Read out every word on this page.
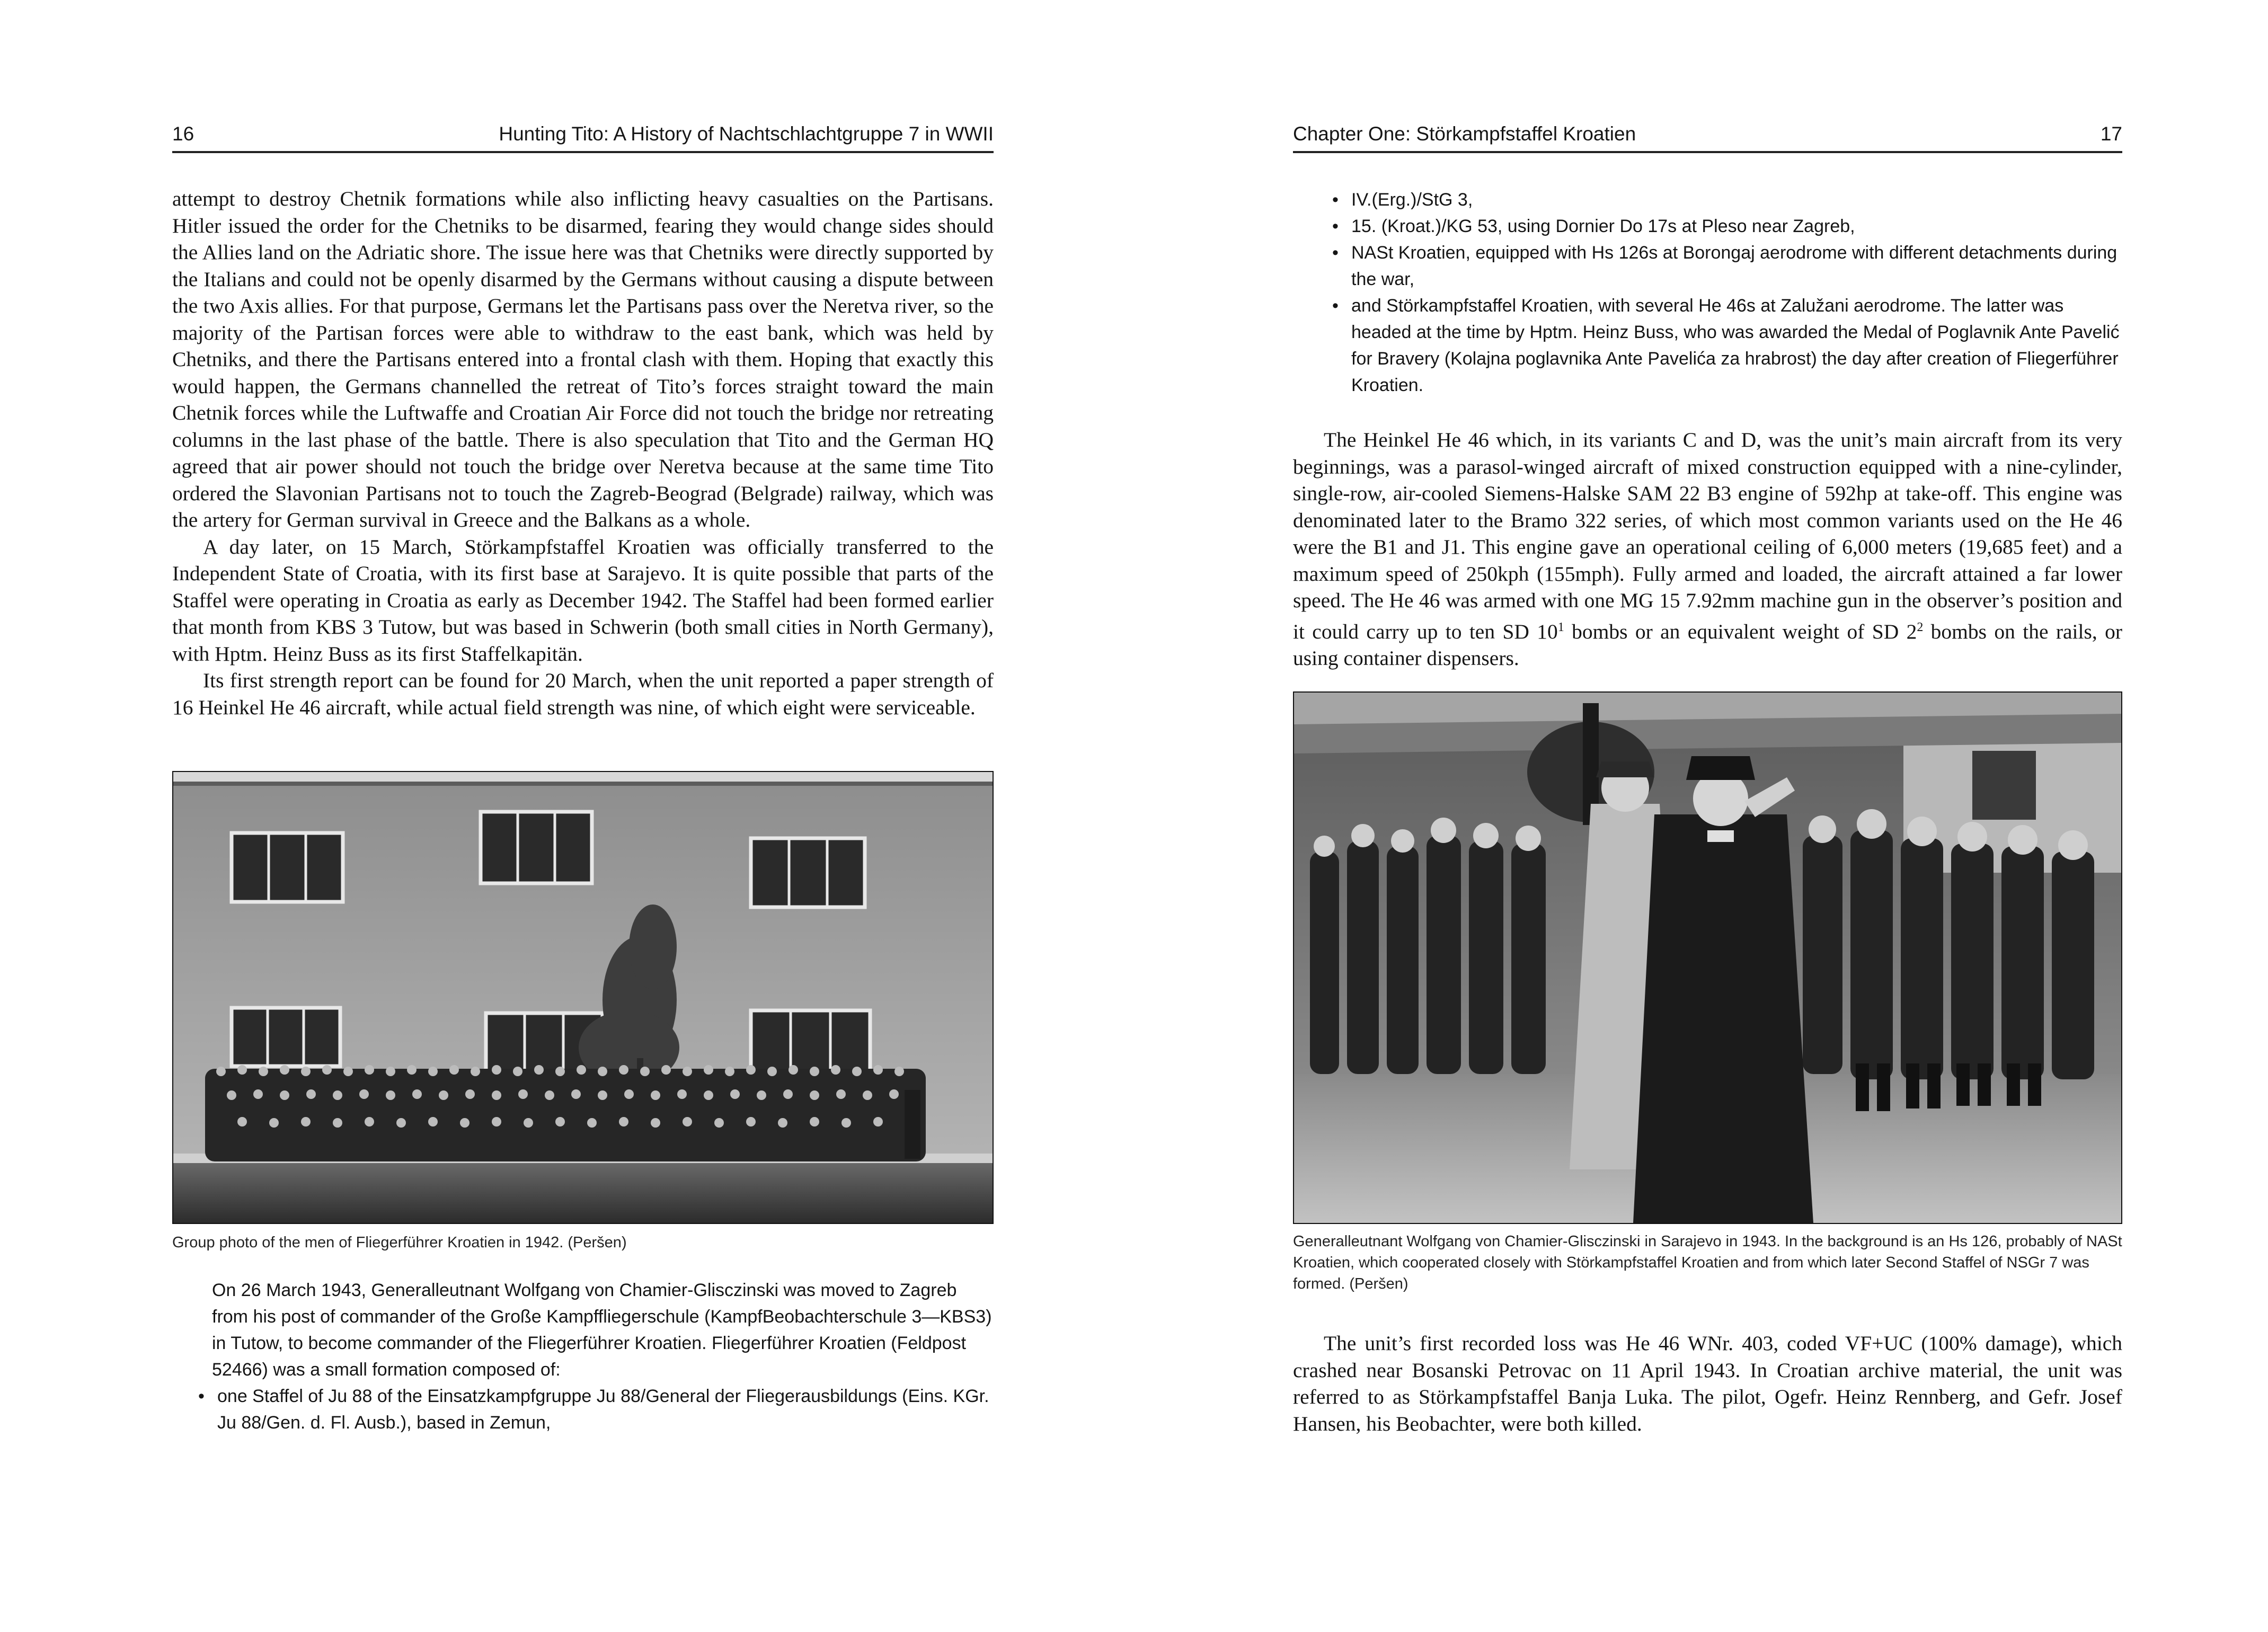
16	Hunting Tito: A History of Nachtschlachtgruppe 7 in WWII

attempt to destroy Chetnik formations while also inflicting heavy casualties on the Partisans. Hitler issued the order for the Chetniks to be disarmed, fearing they would change sides should the Allies land on the Adriatic shore. The issue here was that Chetniks were directly supported by the Italians and could not be openly disarmed by the Germans without causing a dispute between the two Axis allies. For that purpose, Germans let the Partisans pass over the Neretva river, so the majority of the Partisan forces were able to withdraw to the east bank, which was held by Chetniks, and there the Partisans entered into a frontal clash with them. Hoping that exactly this would happen, the Germans channelled the retreat of Tito’s forces straight toward the main Chetnik forces while the Luftwaffe and Croatian Air Force did not touch the bridge nor retreating columns in the last phase of the battle. There is also speculation that Tito and the German HQ agreed that air power should not touch the bridge over Neretva because at the same time Tito ordered the Slavonian Partisans not to touch the Zagreb-Beograd (Belgrade) railway, which was the artery for German survival in Greece and the Balkans as a whole.

A day later, on 15 March, Störkampfstaffel Kroatien was officially transferred to the Independent State of Croatia, with its first base at Sarajevo. It is quite possible that parts of the Staffel were operating in Croatia as early as December 1942. The Staffel had been formed earlier that month from KBS 3 Tutow, but was based in Schwerin (both small cities in North Germany), with Hptm. Heinz Buss as its first Staffelkapitän.

Its first strength report can be found for 20 March, when the unit reported a paper strength of 16 Heinkel He 46 aircraft, while actual field strength was nine, of which eight were serviceable.

Group photo of the men of Fliegerführer Kroatien in 1942. (Peršen)

On 26 March 1943, Generalleutnant Wolfgang von Chamier-Glisczinski was moved to Zagreb from his post of commander of the Große Kampffliegerschule (KampfBeobachterschule 3—KBS3) in Tutow, to become commander of the Fliegerführer Kroatien. Fliegerführer Kroatien (Feldpost 52466) was a small formation composed of:

• one Staffel of Ju 88 of the Einsatzkampfgruppe Ju 88/General der Fliegerausbildungs (Eins. KGr. Ju 88/Gen. d. Fl. Ausb.), based in Zemun,
Chapter One: Störkampfstaffel Kroatien	17
• IV.(Erg.)/StG 3,
• 15. (Kroat.)/KG 53, using Dornier Do 17s at Pleso near Zagreb,
• NASt Kroatien, equipped with Hs 126s at Borongaj aerodrome with different detachments during the war,
• and Störkampfstaffel Kroatien, with several He 46s at Zalužani aerodrome. The latter was headed at the time by Hptm. Heinz Buss, who was awarded the Medal of Poglavnik Ante Pavelić for Bravery (Kolajna poglavnika Ante Pavelića za hrabrost) the day after creation of Fliegerführer Kroatien.

The Heinkel He 46 which, in its variants C and D, was the unit’s main aircraft from its very beginnings, was a parasol-winged aircraft of mixed construction equipped with a nine-cylinder, single-row, air-cooled Siemens-Halske SAM 22 B3 engine of 592hp at take-off. This engine was denominated later to the Bramo 322 series, of which most common variants used on the He 46 were the B1 and J1. This engine gave an operational ceiling of 6,000 meters (19,685 feet) and a maximum speed of 250kph (155mph). Fully armed and loaded, the aircraft attained a far lower speed. The He 46 was armed with one MG 15 7.92mm machine gun in the observer’s position and it could carry up to ten SD $10^1$ bombs or an equivalent weight of SD $2^2$ bombs on the rails, or using container dispensers.

Generalleutnant Wolfgang von Chamier-Glisczinski in Sarajevo in 1943. In the background is an Hs 126, probably of NASt Kroatien, which cooperated closely with Störkampfstaffel Kroatien and from which later Second Staffel of NSGr 7 was formed. (Peršen)

The unit’s first recorded loss was He 46 WNr. 403, coded VF+UC (100% damage), which crashed near Bosanski Petrovac on 11 April 1943. In Croatian archive material, the unit was referred to as Störkampfstaffel Banja Luka. The pilot, Ogefr. Heinz Rennberg, and Gefr. Josef Hansen, his Beobachter, were both killed.
